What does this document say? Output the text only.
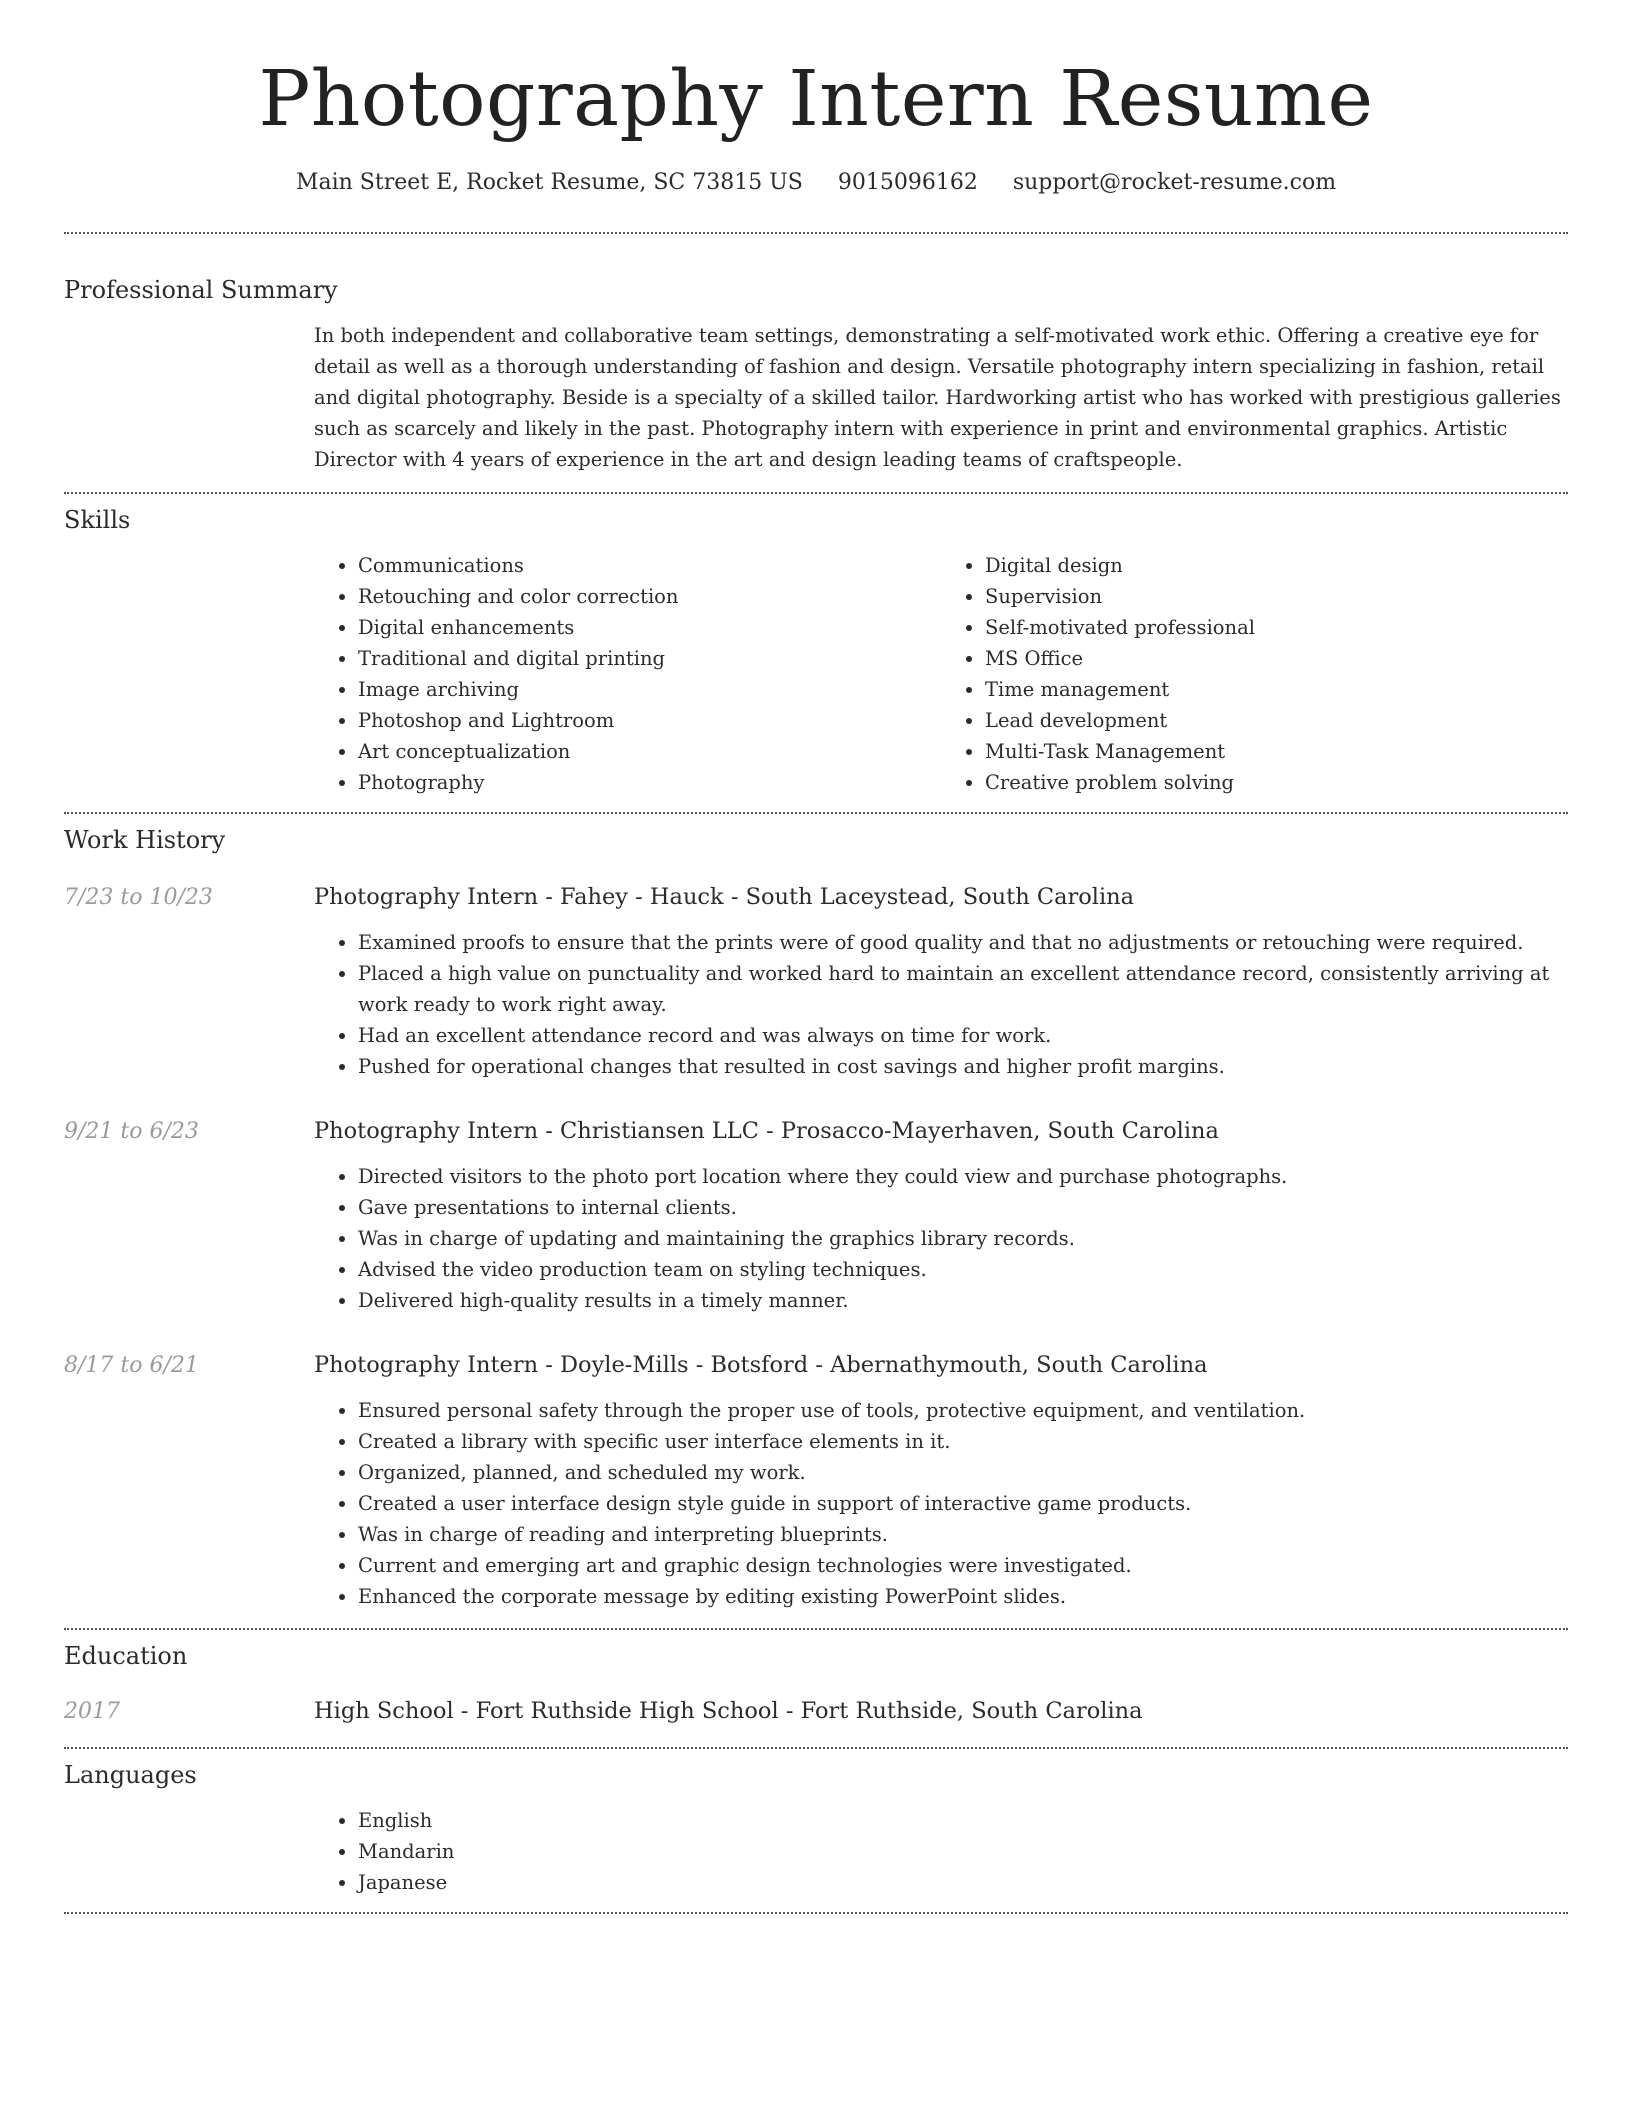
Photography Intern Resume
Main Street E, Rocket Resume, SC 73815 US 9015096162 support@rocket-resume.com
Professional Summary
In both independent and collaborative team settings, demonstrating a self-motivated work ethic. Offering a creative eye for detail as well as a thorough understanding of fashion and design. Versatile photography intern specializing in fashion, retail and digital photography. Beside is a specialty of a skilled tailor. Hardworking artist who has worked with prestigious galleries such as scarcely and likely in the past. Photography intern with experience in print and environmental graphics. Artistic Director with 4 years of experience in the art and design leading teams of craftspeople.
Skills
• Communications
• Retouching and color correction
• Digital enhancements
• Traditional and digital printing
• Image archiving
• Photoshop and Lightroom
• Art conceptualization
• Photography
• Digital design
• Supervision
• Self-motivated professional
• MS Office
• Time management
• Lead development
• Multi-Task Management
• Creative problem solving
Work History
7/23 to 10/23	Photography Intern - Fahey - Hauck - South Laceystead, South Carolina
• Examined proofs to ensure that the prints were of good quality and that no adjustments or retouching were required.
• Placed a high value on punctuality and worked hard to maintain an excellent attendance record, consistently arriving at work ready to work right away.
• Had an excellent attendance record and was always on time for work.
• Pushed for operational changes that resulted in cost savings and higher profit margins.
9/21 to 6/23	Photography Intern - Christiansen LLC - Prosacco-Mayerhaven, South Carolina
• Directed visitors to the photo port location where they could view and purchase photographs.
• Gave presentations to internal clients.
• Was in charge of updating and maintaining the graphics library records.
• Advised the video production team on styling techniques.
• Delivered high-quality results in a timely manner.
8/17 to 6/21	Photography Intern - Doyle-Mills - Botsford - Abernathymouth, South Carolina
• Ensured personal safety through the proper use of tools, protective equipment, and ventilation.
• Created a library with specific user interface elements in it.
• Organized, planned, and scheduled my work.
• Created a user interface design style guide in support of interactive game products.
• Was in charge of reading and interpreting blueprints.
• Current and emerging art and graphic design technologies were investigated.
• Enhanced the corporate message by editing existing PowerPoint slides.
Education
2017	High School - Fort Ruthside High School - Fort Ruthside, South Carolina
Languages
• English
• Mandarin
• Japanese
